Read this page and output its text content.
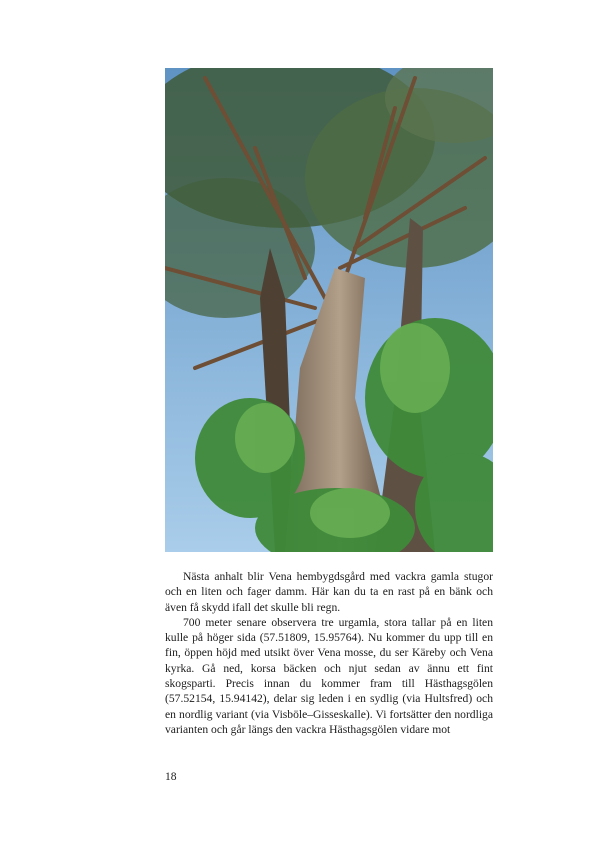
Nästa anhalt blir Vena hembygdsgård med vackra gamla stugor och en liten och fager damm. Här kan du ta en rast på en bänk och även få skydd ifall det skulle bli regn.

700 meter senare observera tre urgamla, stora tallar på en liten kulle på höger sida (57.51809, 15.95764). Nu kommer du upp till en fin, öppen höjd med utsikt över Vena mosse, du ser Käreby och Vena kyrka. Gå ned, korsa bäcken och njut sedan av ännu ett fint skogsparti. Precis innan du kommer fram till Hästhagsgölen (57.52154, 15.94142), delar sig leden i en sydlig (via Hultsfred) och en nordlig variant (via Visböle–Gisseskalle). Vi fortsätter den nordliga varianten och går längs den vackra Hästhagsgölen vidare mot

18
